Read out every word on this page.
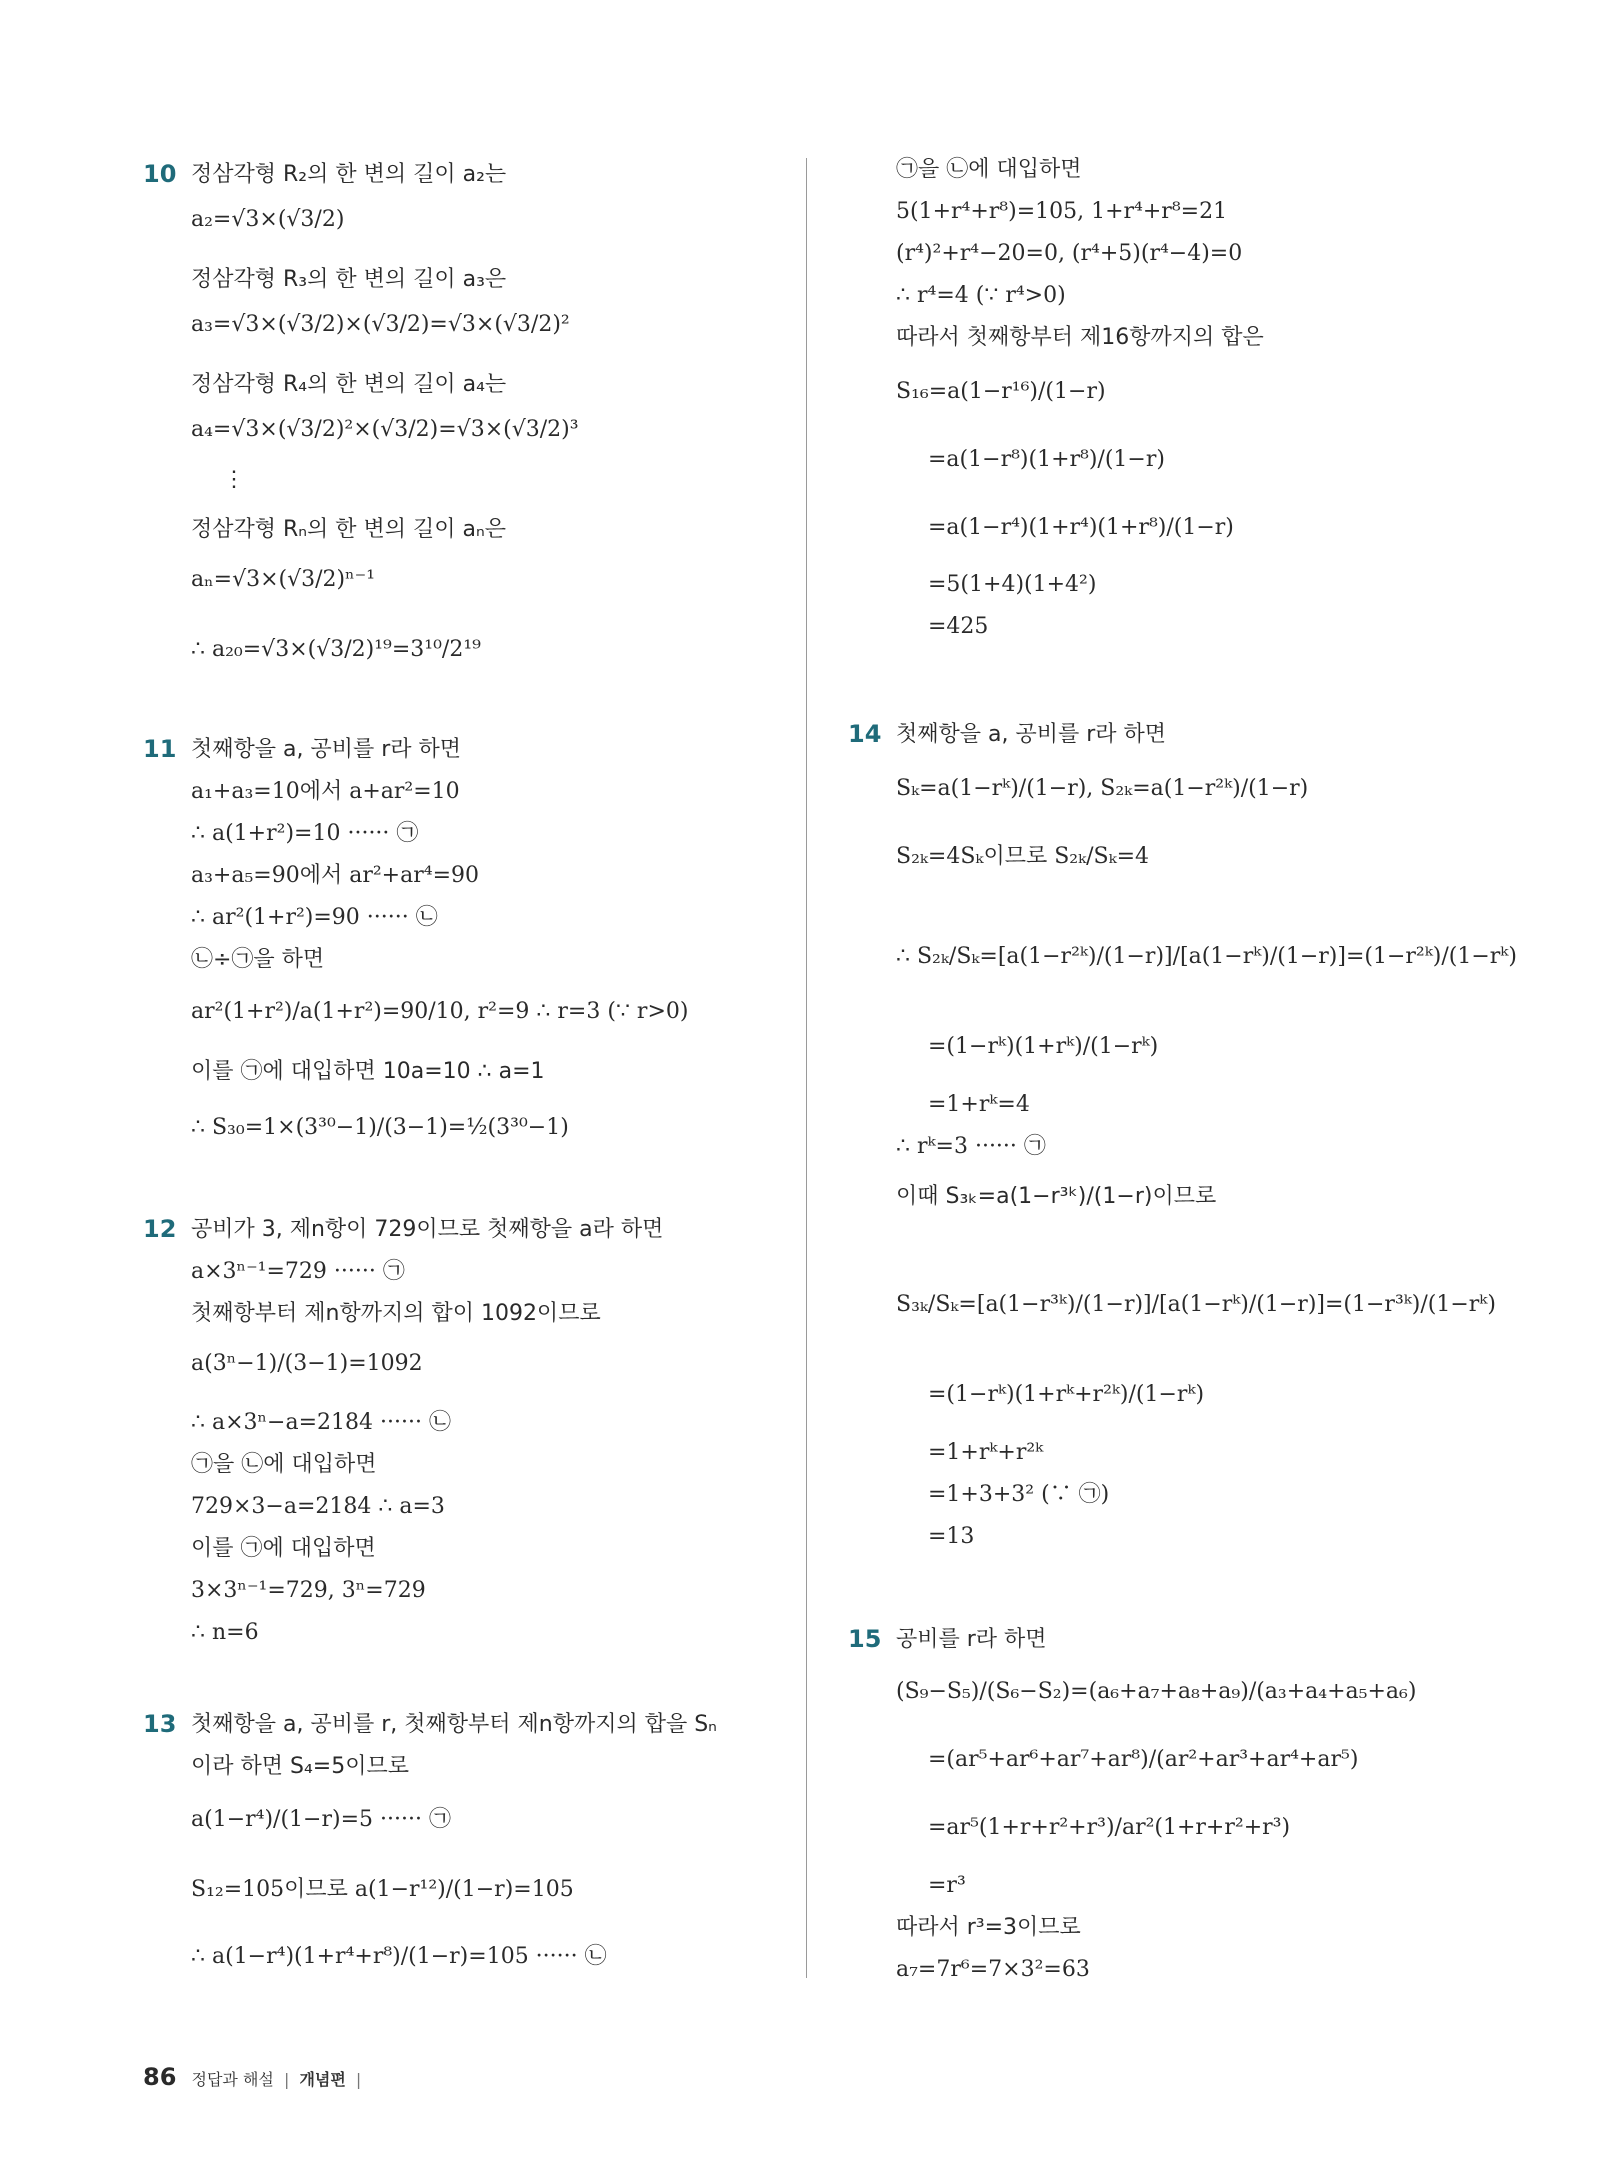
10 정삼각형 R₂의 한 변의 길이 a₂는
a₂=√3×(√3/2)
정삼각형 R₃의 한 변의 길이 a₃은
a₃=√3×(√3/2)×(√3/2)=√3×(√3/2)²
정삼각형 R₄의 한 변의 길이 a₄는
a₄=√3×(√3/2)²×(√3/2)=√3×(√3/2)³
⋮
정삼각형 Rₙ의 한 변의 길이 aₙ은
aₙ=√3×(√3/2)ⁿ⁻¹
∴ a₂₀=√3×(√3/2)¹⁹=3¹⁰/2¹⁹
11 첫째항을 a, 공비를 r라 하면
a₁+a₃=10에서 a+ar²=10
∴ a(1+r²)=10 ······ ㉠
a₃+a₅=90에서 ar²+ar⁴=90
∴ ar²(1+r²)=90 ······ ㉡
㉡÷㉠을 하면
ar²(1+r²)/a(1+r²)=90/10, r²=9 ∴ r=3 (∵ r>0)
이를 ㉠에 대입하면 10a=10 ∴ a=1
∴ S₃₀=1×(3³⁰−1)/(3−1)=½(3³⁰−1)
12 공비가 3, 제n항이 729이므로 첫째항을 a라 하면
a×3ⁿ⁻¹=729 ······ ㉠
첫째항부터 제n항까지의 합이 1092이므로
a(3ⁿ−1)/(3−1)=1092
∴ a×3ⁿ−a=2184 ······ ㉡
㉠을 ㉡에 대입하면
729×3−a=2184 ∴ a=3
이를 ㉠에 대입하면
3×3ⁿ⁻¹=729, 3ⁿ=729
∴ n=6
13 첫째항을 a, 공비를 r, 첫째항부터 제n항까지의 합을 Sₙ
이라 하면 S₄=5이므로
a(1−r⁴)/(1−r)=5 ······ ㉠
S₁₂=105이므로 a(1−r¹²)/(1−r)=105
∴ a(1−r⁴)(1+r⁴+r⁸)/(1−r)=105 ······ ㉡
㉠을 ㉡에 대입하면
5(1+r⁴+r⁸)=105, 1+r⁴+r⁸=21
(r⁴)²+r⁴−20=0, (r⁴+5)(r⁴−4)=0
∴ r⁴=4 (∵ r⁴>0)
따라서 첫째항부터 제16항까지의 합은
S₁₆=a(1−r¹⁶)/(1−r)
=a(1−r⁸)(1+r⁸)/(1−r)
=a(1−r⁴)(1+r⁴)(1+r⁸)/(1−r)
=5(1+4)(1+4²)
=425
14 첫째항을 a, 공비를 r라 하면
Sₖ=a(1−rᵏ)/(1−r), S₂ₖ=a(1−r²ᵏ)/(1−r)
S₂ₖ=4Sₖ이므로 S₂ₖ/Sₖ=4
∴ S₂ₖ/Sₖ=[a(1−r²ᵏ)/(1−r)]/[a(1−rᵏ)/(1−r)]=(1−r²ᵏ)/(1−rᵏ)
=(1−rᵏ)(1+rᵏ)/(1−rᵏ)
=1+rᵏ=4
∴ rᵏ=3 ······ ㉠
이때 S₃ₖ=a(1−r³ᵏ)/(1−r)이므로
S₃ₖ/Sₖ=[a(1−r³ᵏ)/(1−r)]/[a(1−rᵏ)/(1−r)]=(1−r³ᵏ)/(1−rᵏ)
=(1−rᵏ)(1+rᵏ+r²ᵏ)/(1−rᵏ)
=1+rᵏ+r²ᵏ
=1+3+3² (∵ ㉠)
=13
15 공비를 r라 하면
(S₉−S₅)/(S₆−S₂)=(a₆+a₇+a₈+a₉)/(a₃+a₄+a₅+a₆)
=(ar⁵+ar⁶+ar⁷+ar⁸)/(ar²+ar³+ar⁴+ar⁵)
=ar⁵(1+r+r²+r³)/ar²(1+r+r²+r³)
=r³
따라서 r³=3이므로
a₇=7r⁶=7×3²=63
86 정답과 해설 | 개념편 |
